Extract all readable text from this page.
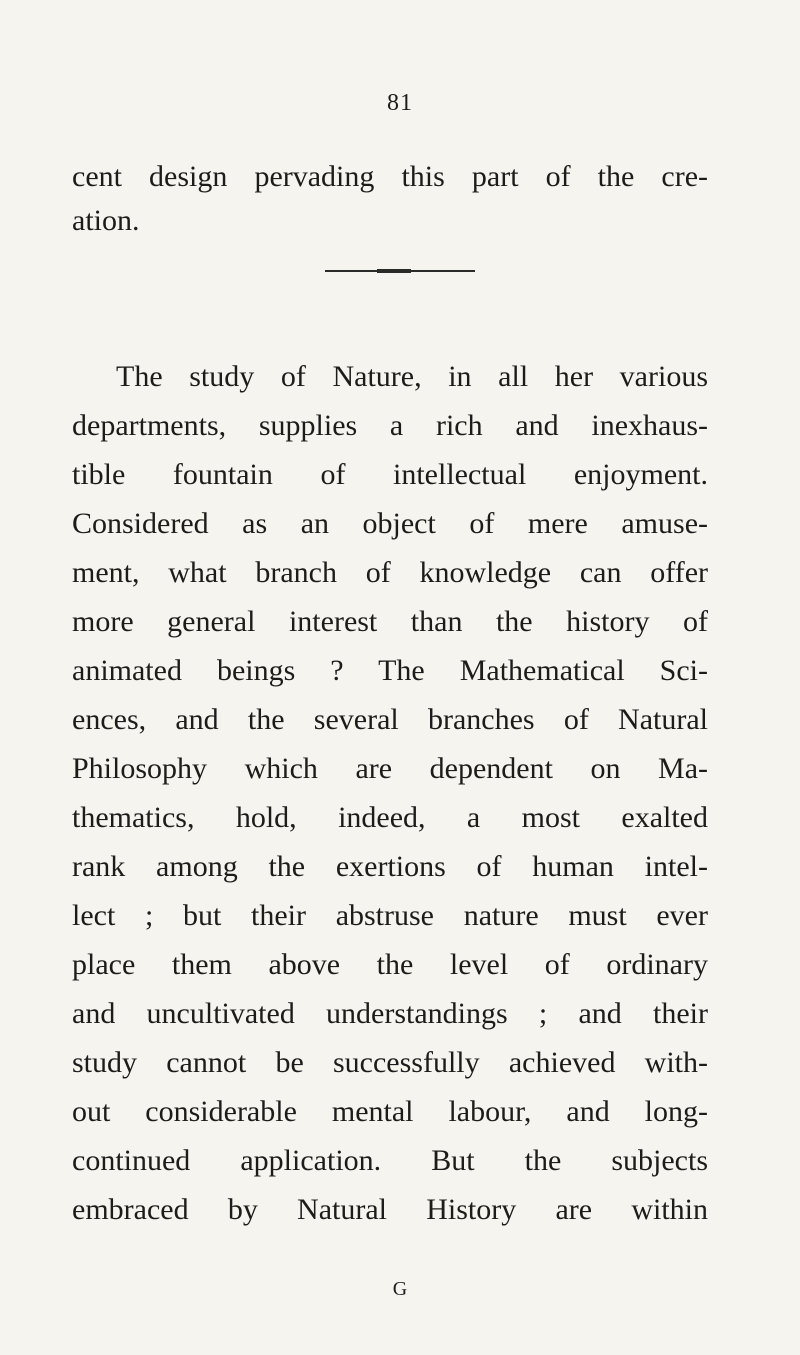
81
cent design pervading this part of the cre-
ation.
The study of Nature, in all her various
departments, supplies a rich and inexhaus-
tible fountain of intellectual enjoyment.
Considered as an object of mere amuse-
ment, what branch of knowledge can offer
more general interest than the history of
animated beings ? The Mathematical Sci-
ences, and the several branches of Natural
Philosophy which are dependent on Ma-
thematics, hold, indeed, a most exalted
rank among the exertions of human intel-
lect ; but their abstruse nature must ever
place them above the level of ordinary
and uncultivated understandings ; and their
study cannot be successfully achieved with-
out considerable mental labour, and long-
continued application. But the subjects
embraced by Natural History are within
G
